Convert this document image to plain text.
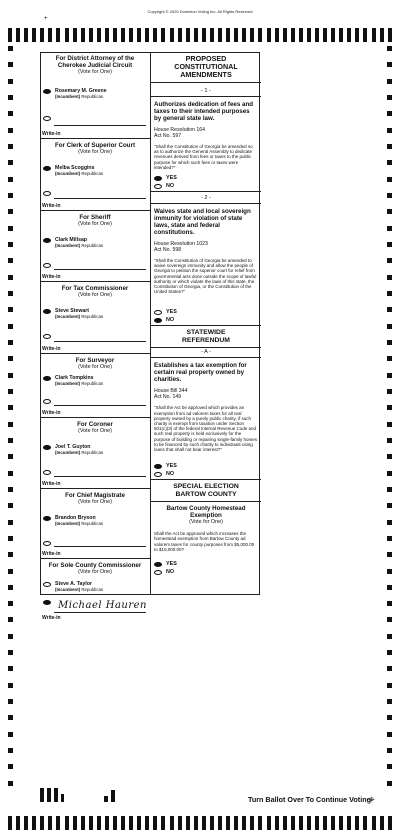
Copyright © 2020 Dominion Voting Inc. All Rights Reserved
+
For District Attorney of the
Cherokee Judicial Circuit
(Vote for One)
Rosemary M. Greene
(Incumbent) Republican
Write-in
For Clerk of Superior Court
(Vote for One)
Melba Scoggins
(Incumbent) Republican
Write-in
For Sheriff
(Vote for One)
Clark Millsap
(Incumbent) Republican
Write-in
For Tax Commissioner
(Vote for One)
Steve Stewart
(Incumbent) Republican
Write-in
For Surveyor
(Vote for One)
Clark Tompkins
(Incumbent) Republican
Write-in
For Coroner
(Vote for One)
Joel T. Guyton
(Incumbent) Republican
Write-in
For Chief Magistrate
(Vote for One)
Brandon Bryson
(Incumbent) Republican
Write-in
For Sole County Commissioner
(Vote for One)
Steve A. Taylor
(Incumbent) Republican
Michael Hauren
Write-in
PROPOSED
CONSTITUTIONAL
AMENDMENTS
- 1 -
Authorizes dedication of fees and taxes to their intended purposes by general state law.
House Resolution 164
Act No. 597
"Shall the Constitution of Georgia be amended so as to authorize the General Assembly to dedicate revenues derived from fees or taxes to the public purpose for which such fees or taxes were intended?"
YES
NO
- 2 -
Waives state and local sovereign immunity for violation of state laws, state and federal constitutions.
House Resolution 1023
Act No. 598
"Shall the Constitution of Georgia be amended to waive sovereign immunity and allow the people of Georgia to petition the superior court for relief from governmental acts done outside the scope of lawful authority or which violate the laws of this state, the Constitution of Georgia, or the Constitution of the United States?"
YES
NO
STATEWIDE
REFERENDUM
- A -
Establishes a tax exemption for certain real property owned by charities.
House Bill 344
Act No. 149
"Shall the Act be approved which provides an exemption from ad valorem taxes for all real property owned by a purely public charity, if such charity is exempt from taxation under Section 501(c)(3) of the federal Internal Revenue Code and such real property is held exclusively for the purpose of building or repairing single-family homes to be financed by such charity to individuals using loans that shall not bear interest?"
YES
NO
SPECIAL ELECTION
BARTOW COUNTY
Bartow County Homestead Exemption
(Vote for One)
Shall the Act be approved which increases the homestead exemption from Bartow County ad valorem taxes for county purposes from $5,000.00 to $10,000.00?
YES
NO
Turn Ballot Over To Continue Voting
⌖
